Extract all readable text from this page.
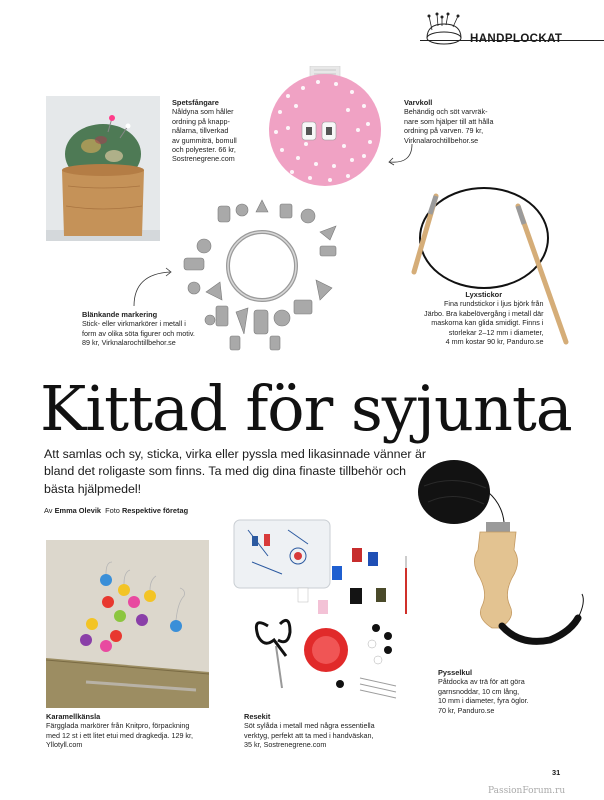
HANDPLOCKAT
Spetsfångare
Nåldyna som håller
ordning på knapp-
nålarna, tillverkad
av gummiträ, bomull
och polyester. 66 kr,
Sostrenegrene.com
Varvkoll
Behändig och söt varvräk-
nare som hjälper till att hålla
ordning på varven. 79 kr,
Virknalarochtillbehor.se
Blänkande markering
Stick- eller virkmarkörer i metall i
form av olika söta figurer och motiv.
89 kr, Virknalarochtillbehor.se
Lyxstickor
Fina rundstickor i ljus björk från
Järbo. Bra kabelövergång i metall där
maskorna kan glida smidigt. Finns i
storlekar 2–12 mm i diameter,
4 mm kostar 90 kr, Panduro.se
Kittad för syjunta

Att samlas och sy, sticka, virka eller pyssla med likasinnade vänner är bland det roligaste som finns. Ta med dig dina finaste tillbehör och bästa hjälpmedel!

Av Emma Olevik Foto Respektive företag
Pysselkul
Påtdocka av trä för att göra
garnsnoddar, 10 cm lång,
10 mm i diameter, fyra öglor.
70 kr, Panduro.se
Karamellkänsla
Färgglada markörer från Knitpro, förpackning
med 12 st i ett litet etui med dragkedja. 129 kr,
Yllotyll.com
Resekit
Söt sylåda i metall med några essentiella
verktyg, perfekt att ta med i handväskan,
35 kr, Sostrenegrene.com
31
PassionForum.ru
